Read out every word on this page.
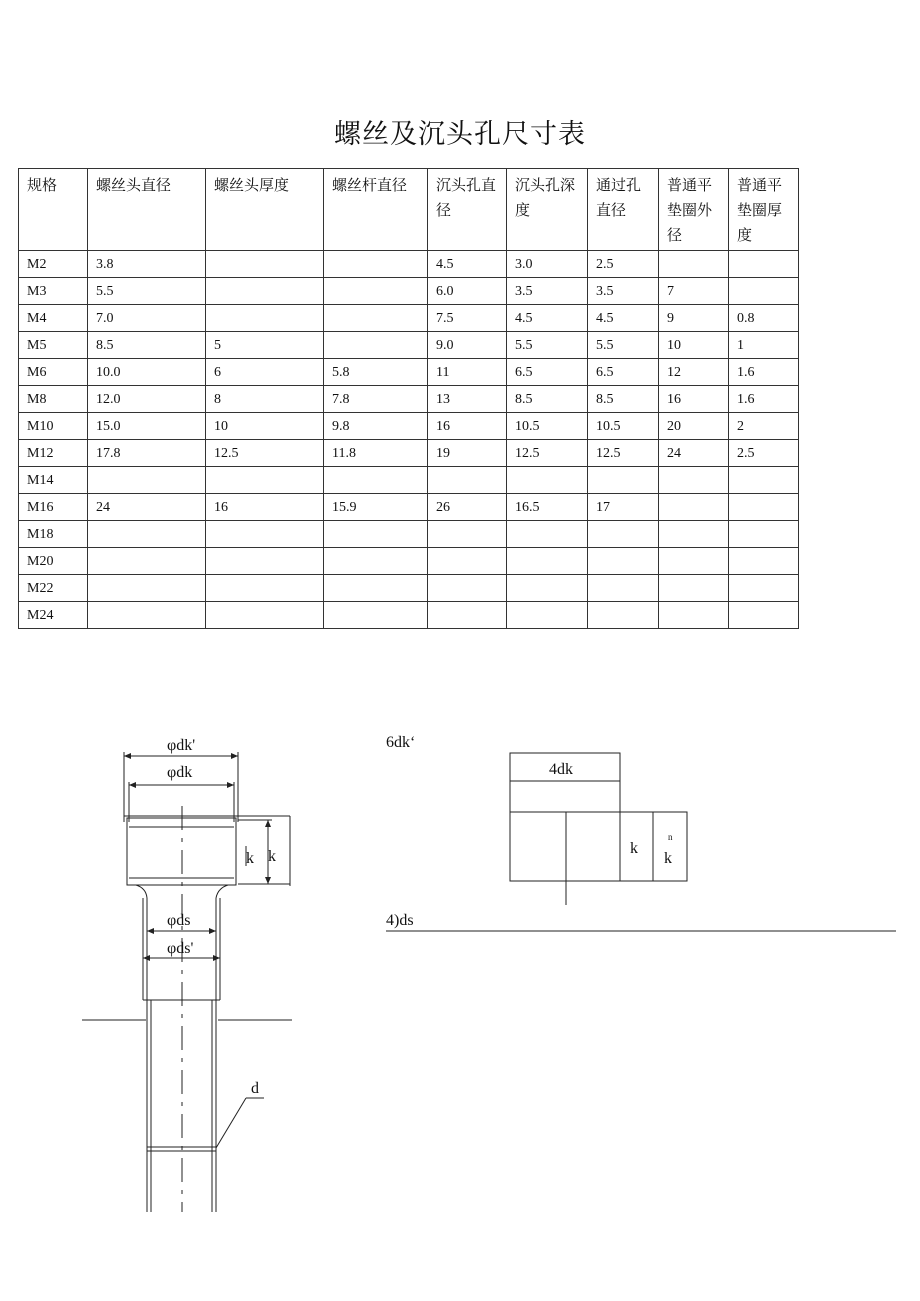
螺丝及沉头孔尺寸表
规格	螺丝头直径	螺丝头厚度	螺丝杆直径	沉头孔直径	沉头孔深度	通过孔直径	普通平垫圈外径	普通平垫圈厚度
M2	3.8			4.5	3.0	2.5		
M3	5.5			6.0	3.5	3.5	7	
M4	7.0			7.5	4.5	4.5	9	0.8
M5	8.5	5		9.0	5.5	5.5	10	1
M6	10.0	6	5.8	11	6.5	6.5	12	1.6
M8	12.0	8	7.8	13	8.5	8.5	16	1.6
M10	15.0	10	9.8	16	10.5	10.5	20	2
M12	17.8	12.5	11.8	19	12.5	12.5	24	2.5
M14								
M16	24	16	15.9	26	16.5	17		
M18								
M20								
M22								
M24								
φdk'
φdk
k k
φds
φds'
d
6dk‘
4dk
k
n
k
4)ds
